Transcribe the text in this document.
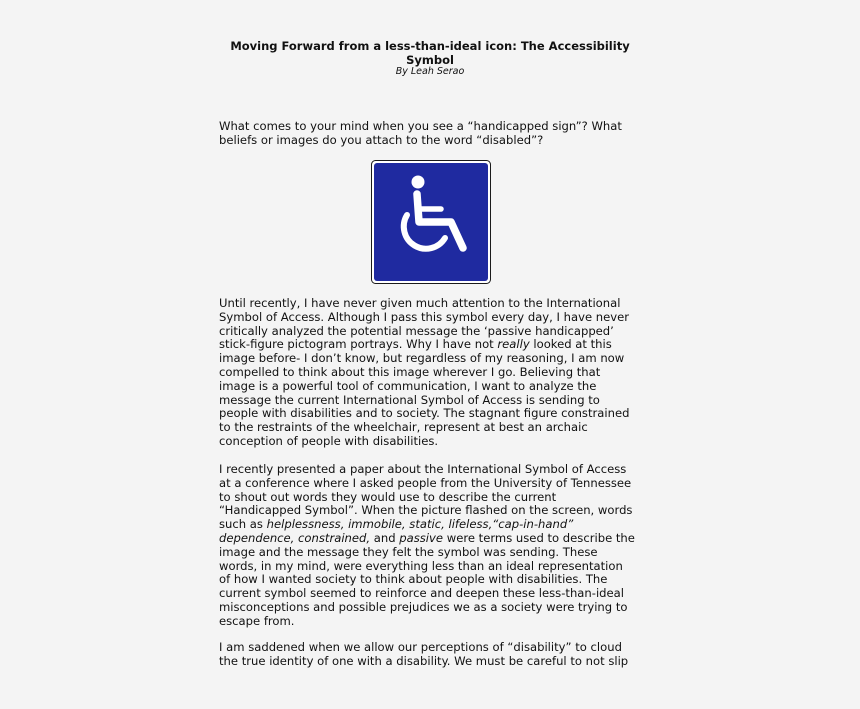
Moving Forward from a less-than-ideal icon: The Accessibility
Symbol
By Leah Serao
What comes to your mind when you see a “handicapped sign”? What
beliefs or images do you attach to the word “disabled”?
Until recently, I have never given much attention to the International
Symbol of Access. Although I pass this symbol every day, I have never
critically analyzed the potential message the ‘passive handicapped’
stick-figure pictogram portrays. Why I have not really looked at this
image before- I don’t know, but regardless of my reasoning, I am now
compelled to think about this image wherever I go. Believing that
image is a powerful tool of communication, I want to analyze the
message the current International Symbol of Access is sending to
people with disabilities and to society. The stagnant figure constrained
to the restraints of the wheelchair, represent at best an archaic
conception of people with disabilities.
I recently presented a paper about the International Symbol of Access
at a conference where I asked people from the University of Tennessee
to shout out words they would use to describe the current
“Handicapped Symbol”. When the picture flashed on the screen, words
such as helplessness, immobile, static, lifeless,“cap-in-hand”
dependence, constrained, and passive were terms used to describe the
image and the message they felt the symbol was sending. These
words, in my mind, were everything less than an ideal representation
of how I wanted society to think about people with disabilities. The
current symbol seemed to reinforce and deepen these less-than-ideal
misconceptions and possible prejudices we as a society were trying to
escape from.
I am saddened when we allow our perceptions of “disability” to cloud
the true identity of one with a disability. We must be careful to not slip
